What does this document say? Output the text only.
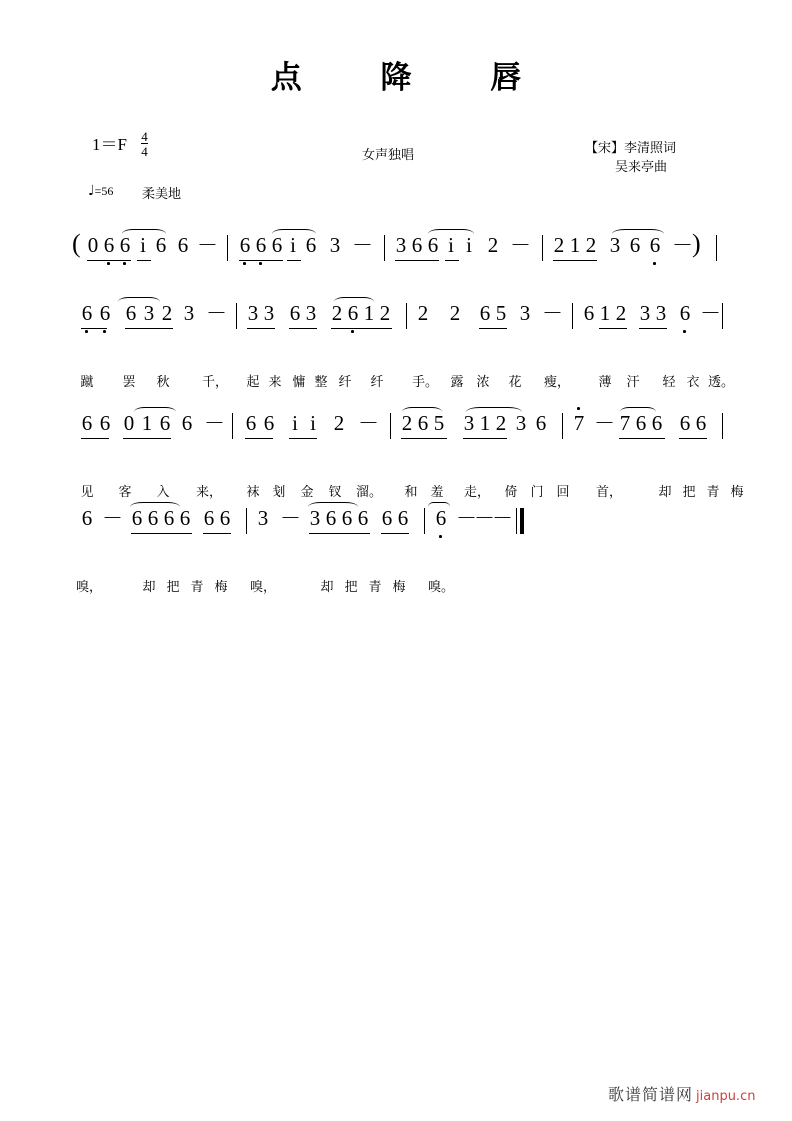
点 降 唇
$1=F \frac{4}{4}$	女声独唱	【宋】李清照词
吴来亭曲
♩=56 柔美地
( 0 6 6 i 6 6 － 6 6 6 i 6 3 － 3 6 6 i i 2 － 2 1 2 3 6 6 － )
6 6 6 3 2 3 － 3 3 6 3 2 6 1 2 2 2 6 5 3 － 6 1 2 3 3 6 －
蹴 罢 秋	千， 起 来 慵 整 纤 纤 手。 露 浓 花 瘦， 薄 汗 轻 衣 透。
6 6 0 1 6 6 － 6 6 i i 2 － 2 6 5 3 1 2 3 6 7 － 7 6 6 6 6
见 客 入 来， 袜 刬 金 钗 溜。 和 羞 走， 倚 门 回 首，	却 把 青 梅
6 － 6 6 6 6 6 6 3 － 3 6 6 6 6 6 6 －
－
－
嗅，	却 把 青 梅 嗅，	却 把 青 梅 嗅。
歌谱简谱网 jianpu.cn
